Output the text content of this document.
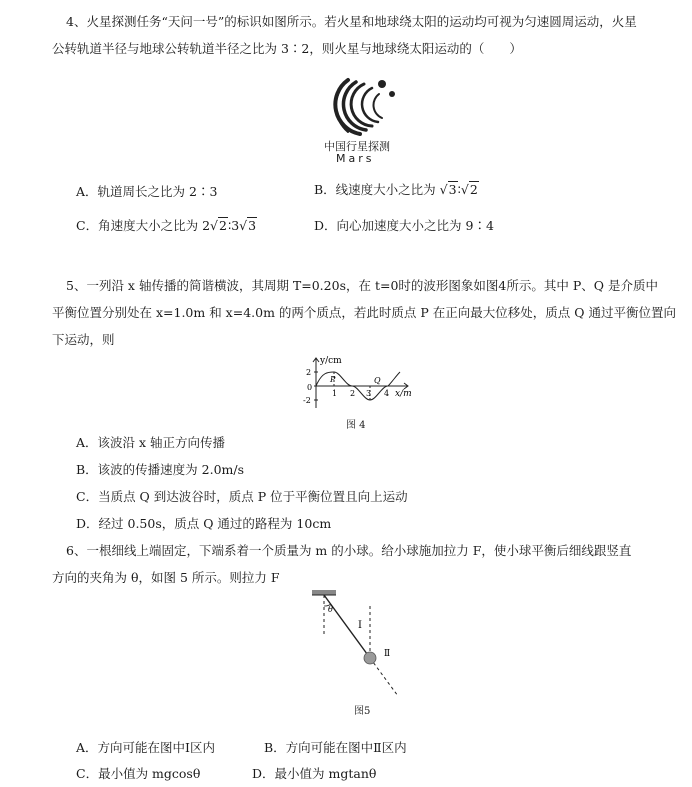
4、火星探测任务“天问一号”的标识如图所示。若火星和地球绕太阳的运动均可视为匀速圆周运动，火星
公转轨道半径与地球公转轨道半径之比为 3∶2，则火星与地球绕太阳运动的（　　）
中国行星探测
Mars
A．轨道周长之比为 2∶3	B．线速度大小之比为 √3∶√2
C．角速度大小之比为 2√2∶3√3	D．向心加速度大小之比为 9∶4
5、一列沿 x 轴传播的简谐横波，其周期 T=0.20s，在 t=0时的波形图象如图4所示。其中 P、Q 是介质中
平衡位置分别处在 x=1.0m 和 x=4.0m 的两个质点，若此时质点 P 在正向最大位移处，质点 Q 通过平衡位置向
下运动，则
y/cm
2
-2
0
1 2 3 4 x/m
P	Q
图 4
A．该波沿 x 轴正方向传播
B．该波的传播速度为 2.0m/s
C．当质点 Q 到达波谷时，质点 P 位于平衡位置且向上运动
D．经过 0.50s，质点 Q 通过的路程为 10cm
6、一根细线上端固定，下端系着一个质量为 m 的小球。给小球施加拉力 F，使小球平衡后细线跟竖直
方向的夹角为 θ，如图 5 所示。则拉力 F
θ
Ⅰ
Ⅱ
图5
A．方向可能在图中Ⅰ区内	B．方向可能在图中Ⅱ区内
C．最小值为 mgcosθ	D．最小值为 mgtanθ
